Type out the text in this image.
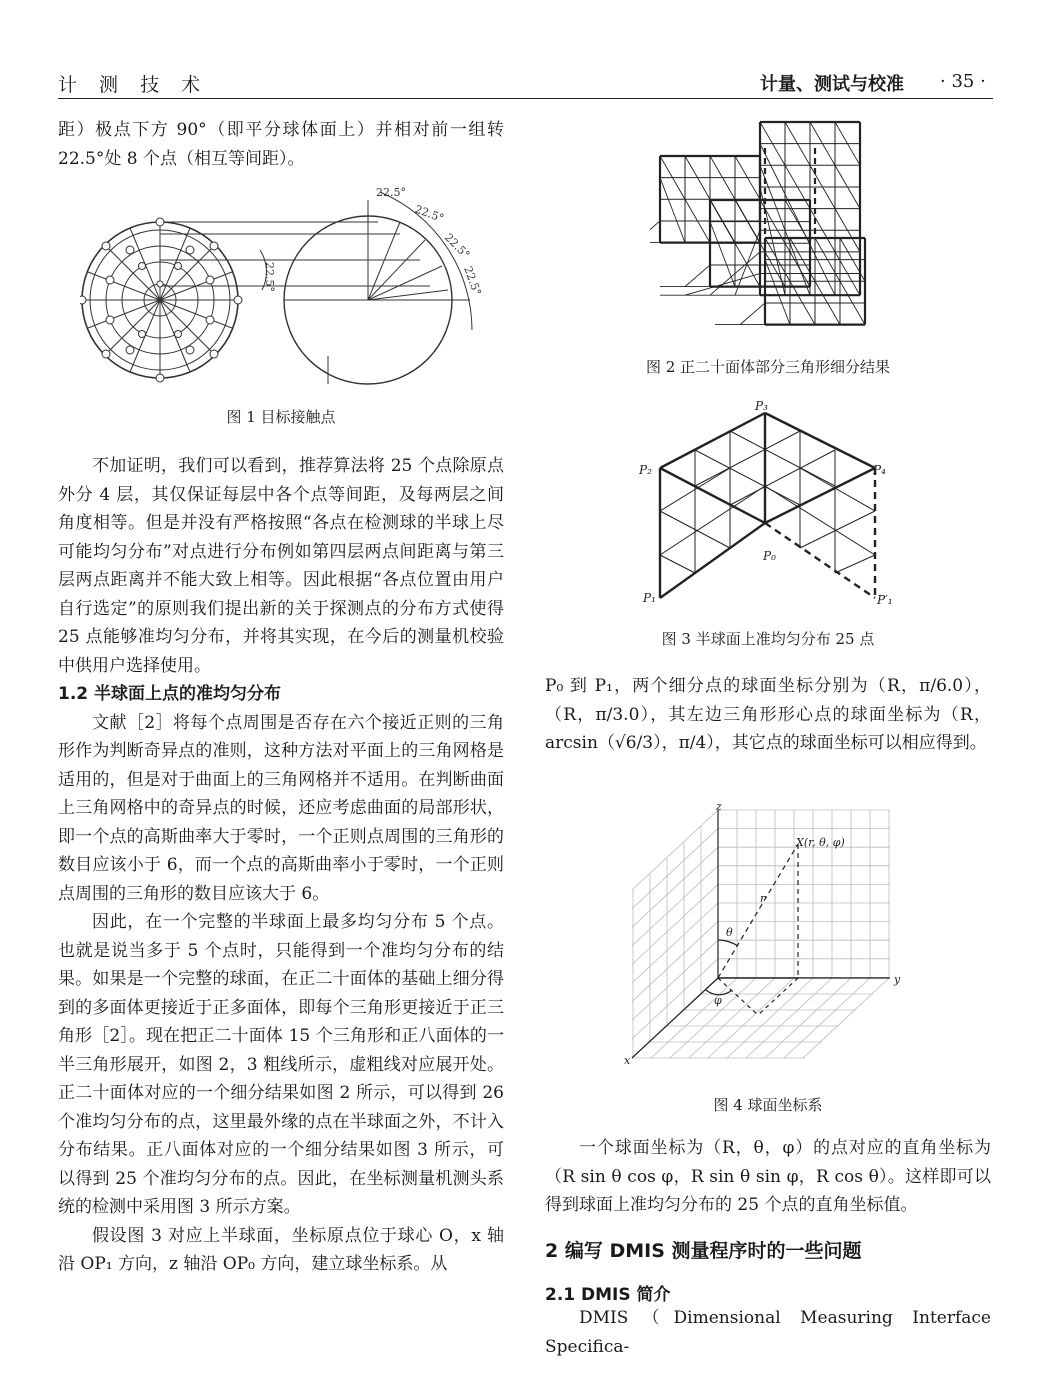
计 测 技 术	计量、测试与校准 · 35 ·

距）极点下方 90°（即平分球体面上）并相对前一组转 22.5°处 8 个点（相互等间距）。

22.5°
22.5°
22.5°
22.5°
22.5°
图 1 目标接触点

不加证明，我们可以看到，推荐算法将 25 个点除原点外分 4 层，其仅保证每层中各个点等间距，及每两层之间角度相等。但是并没有严格按照“各点在检测球的半球上尽可能均匀分布”对点进行分布例如第四层两点间距离与第三层两点距离并不能大致上相等。因此根据“各点位置由用户自行选定”的原则我们提出新的关于探测点的分布方式使得 25 点能够准均匀分布，并将其实现，在今后的测量机校验中供用户选择使用。

1.2 半球面上点的准均匀分布

文献［2］将每个点周围是否存在六个接近正则的三角形作为判断奇异点的准则，这种方法对平面上的三角网格是适用的，但是对于曲面上的三角网格并不适用。在判断曲面上三角网格中的奇异点的时候，还应考虑曲面的局部形状，即一个点的高斯曲率大于零时，一个正则点周围的三角形的数目应该小于 6，而一个点的高斯曲率小于零时，一个正则点周围的三角形的数目应该大于 6。

因此，在一个完整的半球面上最多均匀分布 5 个点。也就是说当多于 5 个点时，只能得到一个准均匀分布的结果。如果是一个完整的球面，在正二十面体的基础上细分得到的多面体更接近于正多面体，即每个三角形更接近于正三角形［2］。现在把正二十面体 15 个三角形和正八面体的一半三角形展开，如图 2，3 粗线所示，虚粗线对应展开处。正二十面体对应的一个细分结果如图 2 所示，可以得到 26 个准均匀分布的点，这里最外缘的点在半球面之外，不计入分布结果。正八面体对应的一个细分结果如图 3 所示，可以得到 25 个准均匀分布的点。因此，在坐标测量机测头系统的检测中采用图 3 所示方案。

假设图 3 对应上半球面，坐标原点位于球心 O，x 轴沿 OP₁ 方向，z 轴沿 OP₀ 方向，建立球坐标系。从

图 2 正二十面体部分三角形细分结果
P₃
P₂	P₄
P₀
P₁	P′₁
图 3 半球面上准均匀分布 25 点

P₀ 到 P₁，两个细分点的球面坐标分别为（R，π/6.0），（R，π/3.0），其左边三角形形心点的球面坐标为（R，arcsin（√6/3），π/4），其它点的球面坐标可以相应得到。

z
y
x
X(r, θ, φ)
r
θ
φ
图 4 球面坐标系

一个球面坐标为（R，θ，φ）的点对应的直角坐标为（R sin θ cos φ，R sin θ sin φ，R cos θ）。这样即可以得到球面上准均匀分布的 25 个点的直角坐标值。

2 编写 DMIS 测量程序时的一些问题
2.1 DMIS 简介

DMIS（Dimensional Measuring Interface Specifica-
